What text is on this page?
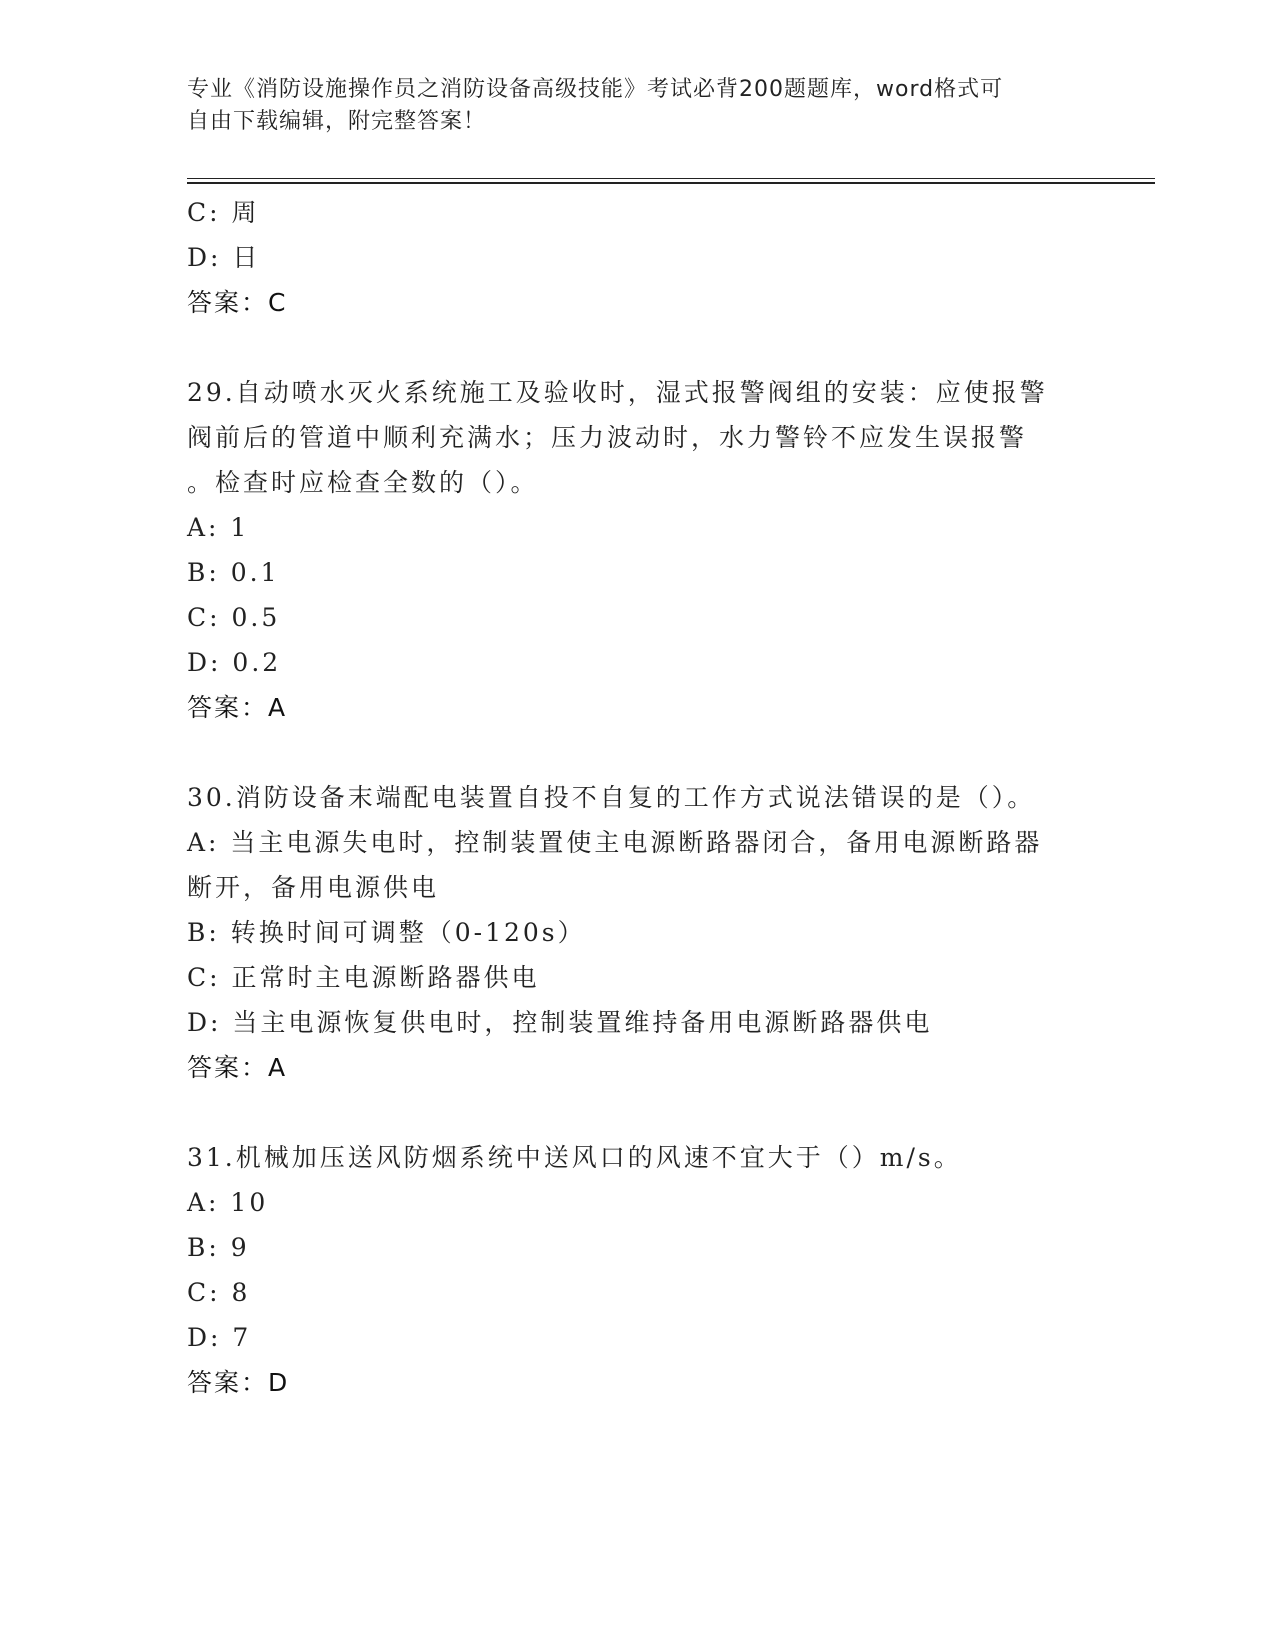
专业《消防设施操作员之消防设备高级技能》考试必背200题题库，word格式可
自由下载编辑，附完整答案！
C: 周
D: 日
答案：C
29.自动喷水灭火系统施工及验收时，湿式报警阀组的安装：应使报警
阀前后的管道中顺利充满水；压力波动时，水力警铃不应发生误报警
。检查时应检查全数的（）。
A: 1
B: 0.1
C: 0.5
D: 0.2
答案：A
30.消防设备末端配电装置自投不自复的工作方式说法错误的是（）。
A: 当主电源失电时，控制装置使主电源断路器闭合，备用电源断路器
断开，备用电源供电
B: 转换时间可调整（0-120s）
C: 正常时主电源断路器供电
D: 当主电源恢复供电时，控制装置维持备用电源断路器供电
答案：A
31.机械加压送风防烟系统中送风口的风速不宜大于（）m/s。
A: 10
B: 9
C: 8
D: 7
答案：D
